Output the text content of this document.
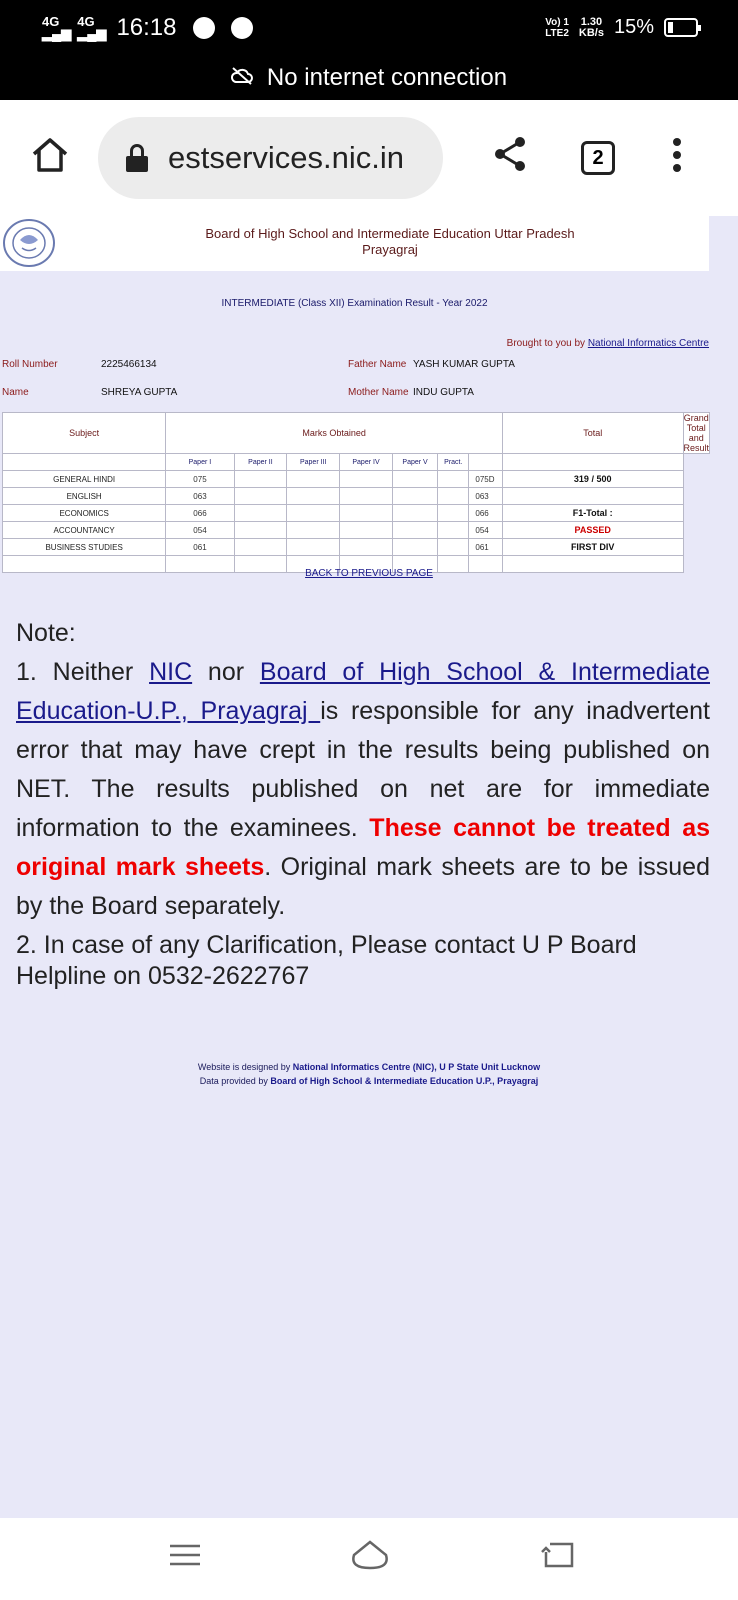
4G
▂▄▆
4G
▂▄▆ 16:18	Vo) 1
LTE2
1.30
KB/s 15%
No internet connection
estservices.nic.in	2
Board of High School and Intermediate Education Uttar Pradesh
Prayagraj
INTERMEDIATE (Class XII) Examination Result - Year 2022
Brought to you by National Informatics Centre
Roll Number	2225466134	Father Name YASH KUMAR GUPTA
Name	SHREYA GUPTA	Mother Name INDU GUPTA
Subject	Marks Obtained							Total	Grand Total and Result
	Paper I	Paper II	Paper III	Paper IV	Paper V	Pract.			
GENERAL HINDI	075						075D	319 / 500	
ENGLISH	063						063		
ECONOMICS	066						066	F1-Total :	
ACCOUNTANCY	054						054	PASSED	
BUSINESS STUDIES	061						061	FIRST DIV	

BACK TO PREVIOUS PAGE
Note:

1. Neither NIC nor Board of High School & Intermediate Education-U.P., Prayagraj is responsible for any inadvertent error that may have crept in the results being published on NET. The results published on net are for immediate information to the examinees. These cannot be treated as original mark sheets. Original mark sheets are to be issued by the Board separately.

2. In case of any Clarification, Please contact U P Board Helpline on 0532-2622767

Website is designed by National Informatics Centre (NIC), U P State Unit Lucknow
Data provided by Board of High School & Intermediate Education U.P., Prayagraj
